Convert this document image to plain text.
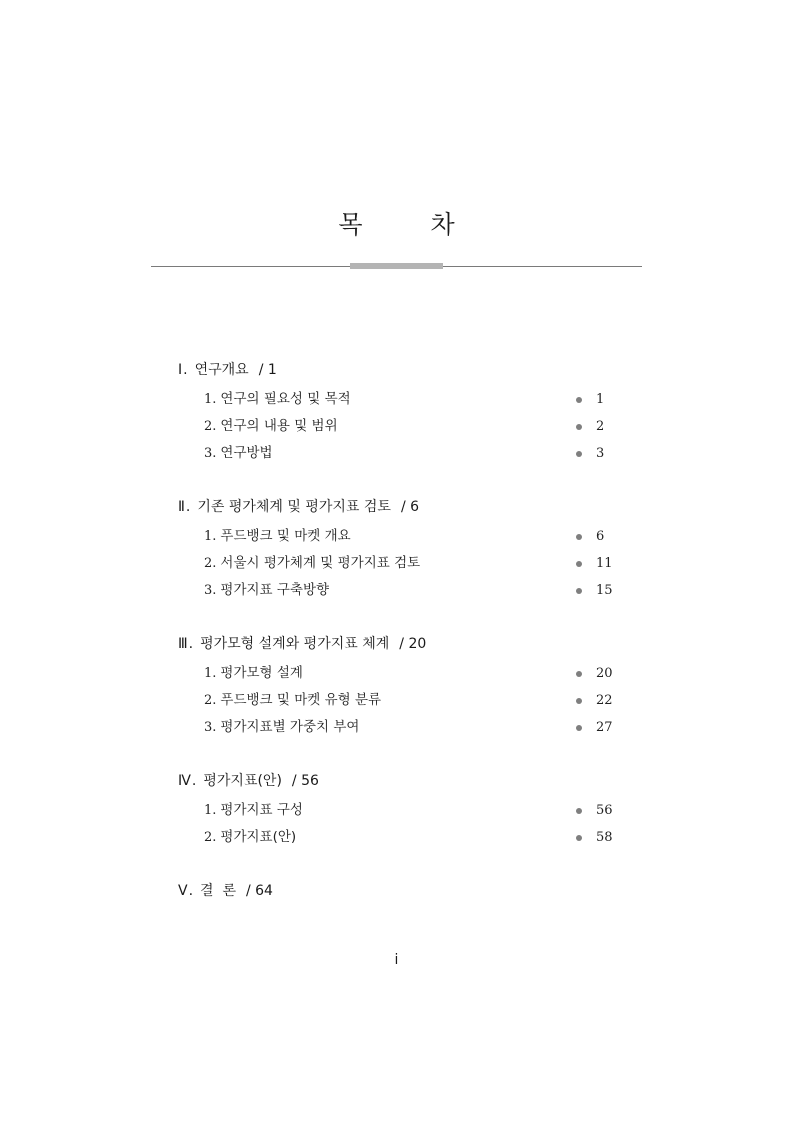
목 차
Ⅰ. 연구개요 / 1
1. 연구의 필요성 및 목적	1
2. 연구의 내용 및 범위	2
3. 연구방법	3
Ⅱ. 기존 평가체계 및 평가지표 검토 / 6
1. 푸드뱅크 및 마켓 개요	6
2. 서울시 평가체계 및 평가지표 검토	11
3. 평가지표 구축방향	15
Ⅲ. 평가모형 설계와 평가지표 체계 / 20
1. 평가모형 설계	20
2. 푸드뱅크 및 마켓 유형 분류	22
3. 평가지표별 가중치 부여	27
Ⅳ. 평가지표(안) / 56
1. 평가지표 구성	56
2. 평가지표(안)	58
Ⅴ. 결  론 / 64
i
